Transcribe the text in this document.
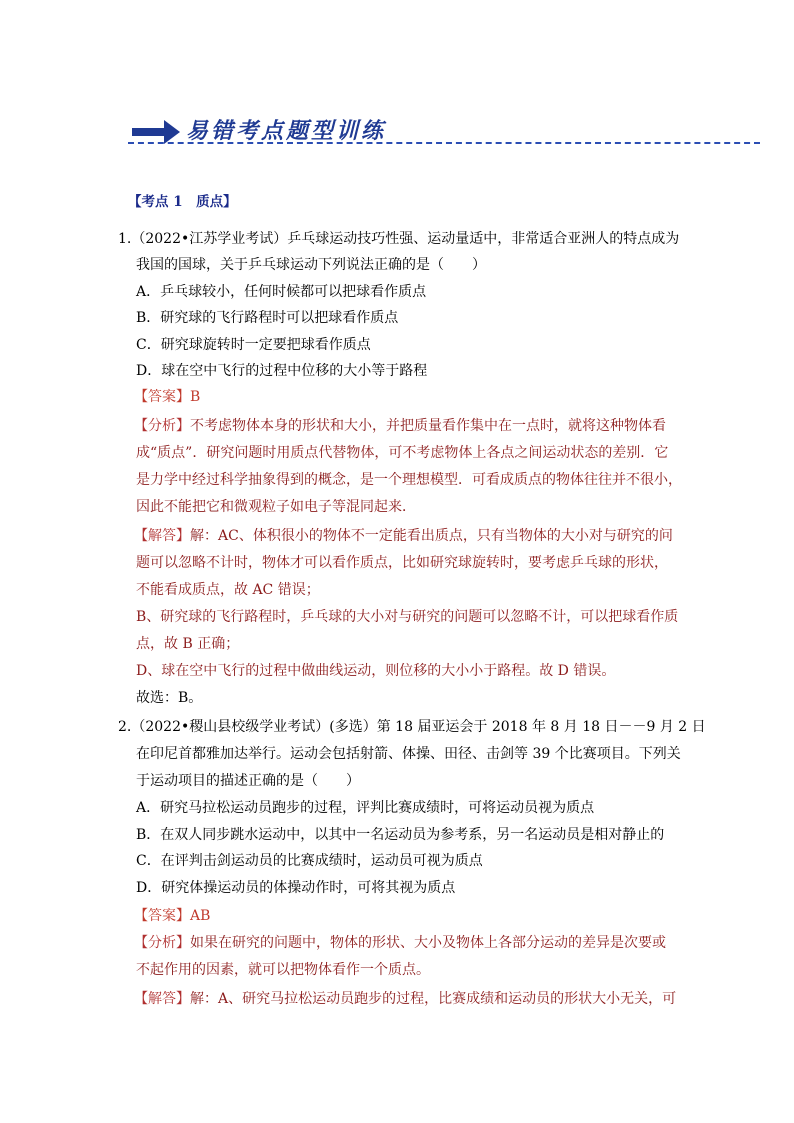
易错考点题型训练
【考点 1　质点】
1.（2022•江苏学业考试）乒乓球运动技巧性强、运动量适中，非常适合亚洲人的特点成为
我国的国球，关于乒乓球运动下列说法正确的是（　　）
A．乒乓球较小，任何时候都可以把球看作质点
B．研究球的飞行路程时可以把球看作质点
C．研究球旋转时一定要把球看作质点
D．球在空中飞行的过程中位移的大小等于路程
【答案】B
【分析】不考虑物体本身的形状和大小，并把质量看作集中在一点时，就将这种物体看
成“质点”．研究问题时用质点代替物体，可不考虑物体上各点之间运动状态的差别．它
是力学中经过科学抽象得到的概念，是一个理想模型．可看成质点的物体往往并不很小，
因此不能把它和微观粒子如电子等混同起来．
【解答】解：AC、体积很小的物体不一定能看出质点，只有当物体的大小对与研究的问
题可以忽略不计时，物体才可以看作质点，比如研究球旋转时，要考虑乒乓球的形状，
不能看成质点，故 AC 错误；
B、研究球的飞行路程时，乒乓球的大小对与研究的问题可以忽略不计，可以把球看作质
点，故 B 正确；
D、球在空中飞行的过程中做曲线运动，则位移的大小小于路程。故 D 错误。
故选：B。
2.（2022•稷山县校级学业考试）(多选）第 18 届亚运会于 2018 年 8 月 18 日－－9 月 2 日
在印尼首都雅加达举行。运动会包括射箭、体操、田径、击剑等 39 个比赛项目。下列关
于运动项目的描述正确的是（　　）
A．研究马拉松运动员跑步的过程，评判比赛成绩时，可将运动员视为质点
B．在双人同步跳水运动中，以其中一名运动员为参考系，另一名运动员是相对静止的
C．在评判击剑运动员的比赛成绩时，运动员可视为质点
D．研究体操运动员的体操动作时，可将其视为质点
【答案】AB
【分析】如果在研究的问题中，物体的形状、大小及物体上各部分运动的差异是次要或
不起作用的因素，就可以把物体看作一个质点。
【解答】解：A、研究马拉松运动员跑步的过程，比赛成绩和运动员的形状大小无关，可
